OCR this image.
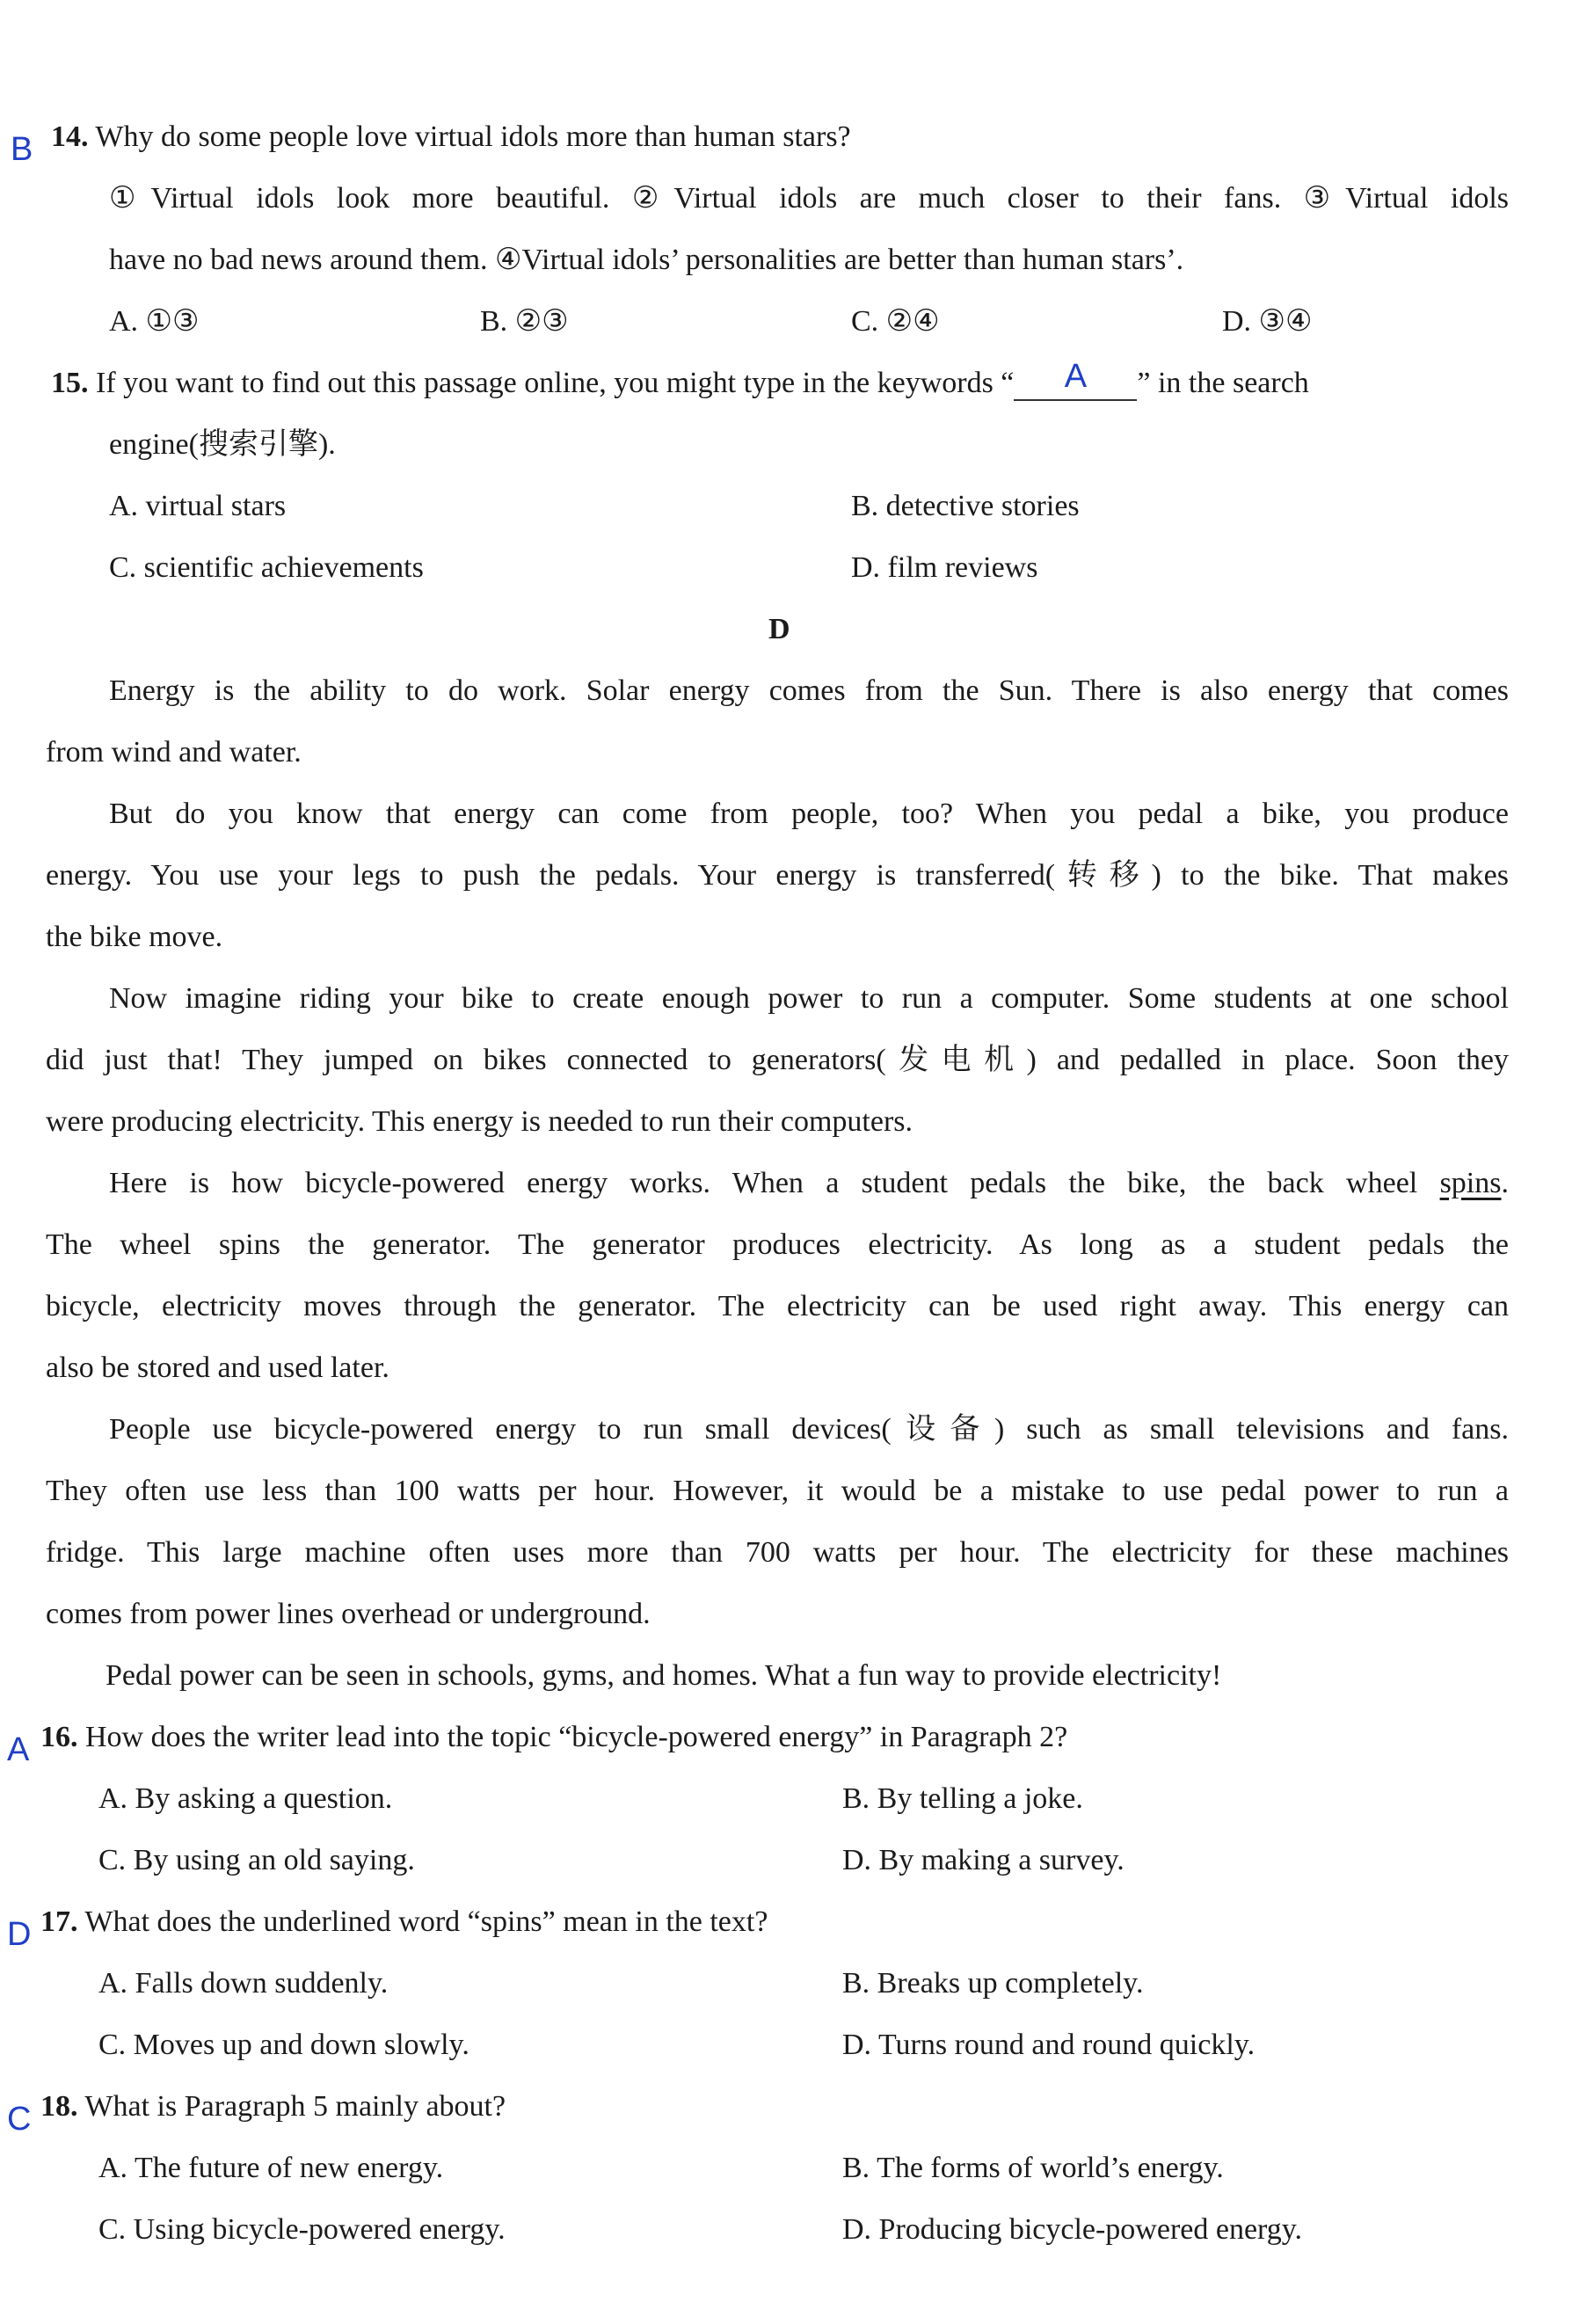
B 14. Why do some people love virtual idols more than human stars?
①Virtual idols look more beautiful. ②Virtual idols are much closer to their fans. ③Virtual idols
have no bad news around them. ④Virtual idols’ personalities are better than human stars’.
A. ①③	B. ②③	C. ②④	D. ③④
15. If you want to find out this passage online, you might type in the keywords “	A	” in the search
engine(搜索引擎).
A. virtual stars	B. detective stories
C. scientific achievements	D. film reviews
D
Energy is the ability to do work. Solar energy comes from the Sun. There is also energy that comes
from wind and water.
But do you know that energy can come from people, too? When you pedal a bike, you produce
energy. You use your legs to push the pedals. Your energy is transferred(转移) to the bike. That makes
the bike move.
Now imagine riding your bike to create enough power to run a computer. Some students at one school
did just that! They jumped on bikes connected to generators(发电机) and pedalled in place. Soon they
were producing electricity. This energy is needed to run their computers.
Here is how bicycle-powered energy works. When a student pedals the bike, the back wheel spins.
The wheel spins the generator. The generator produces electricity. As long as a student pedals the
bicycle, electricity moves through the generator. The electricity can be used right away. This energy can
also be stored and used later.
People use bicycle-powered energy to run small devices(设备) such as small televisions and fans.
They often use less than 100 watts per hour. However, it would be a mistake to use pedal power to run a
fridge. This large machine often uses more than 700 watts per hour. The electricity for these machines
comes from power lines overhead or underground.
Pedal power can be seen in schools, gyms, and homes. What a fun way to provide electricity!
A 16. How does the writer lead into the topic “bicycle-powered energy” in Paragraph 2?
A. By asking a question.	B. By telling a joke.
C. By using an old saying.	D. By making a survey.
D 17. What does the underlined word “spins” mean in the text?
A. Falls down suddenly.	B. Breaks up completely.
C. Moves up and down slowly.	D. Turns round and round quickly.
C 18. What is Paragraph 5 mainly about?
A. The future of new energy.	B. The forms of world’s energy.
C. Using bicycle-powered energy.	D. Producing bicycle-powered energy.
